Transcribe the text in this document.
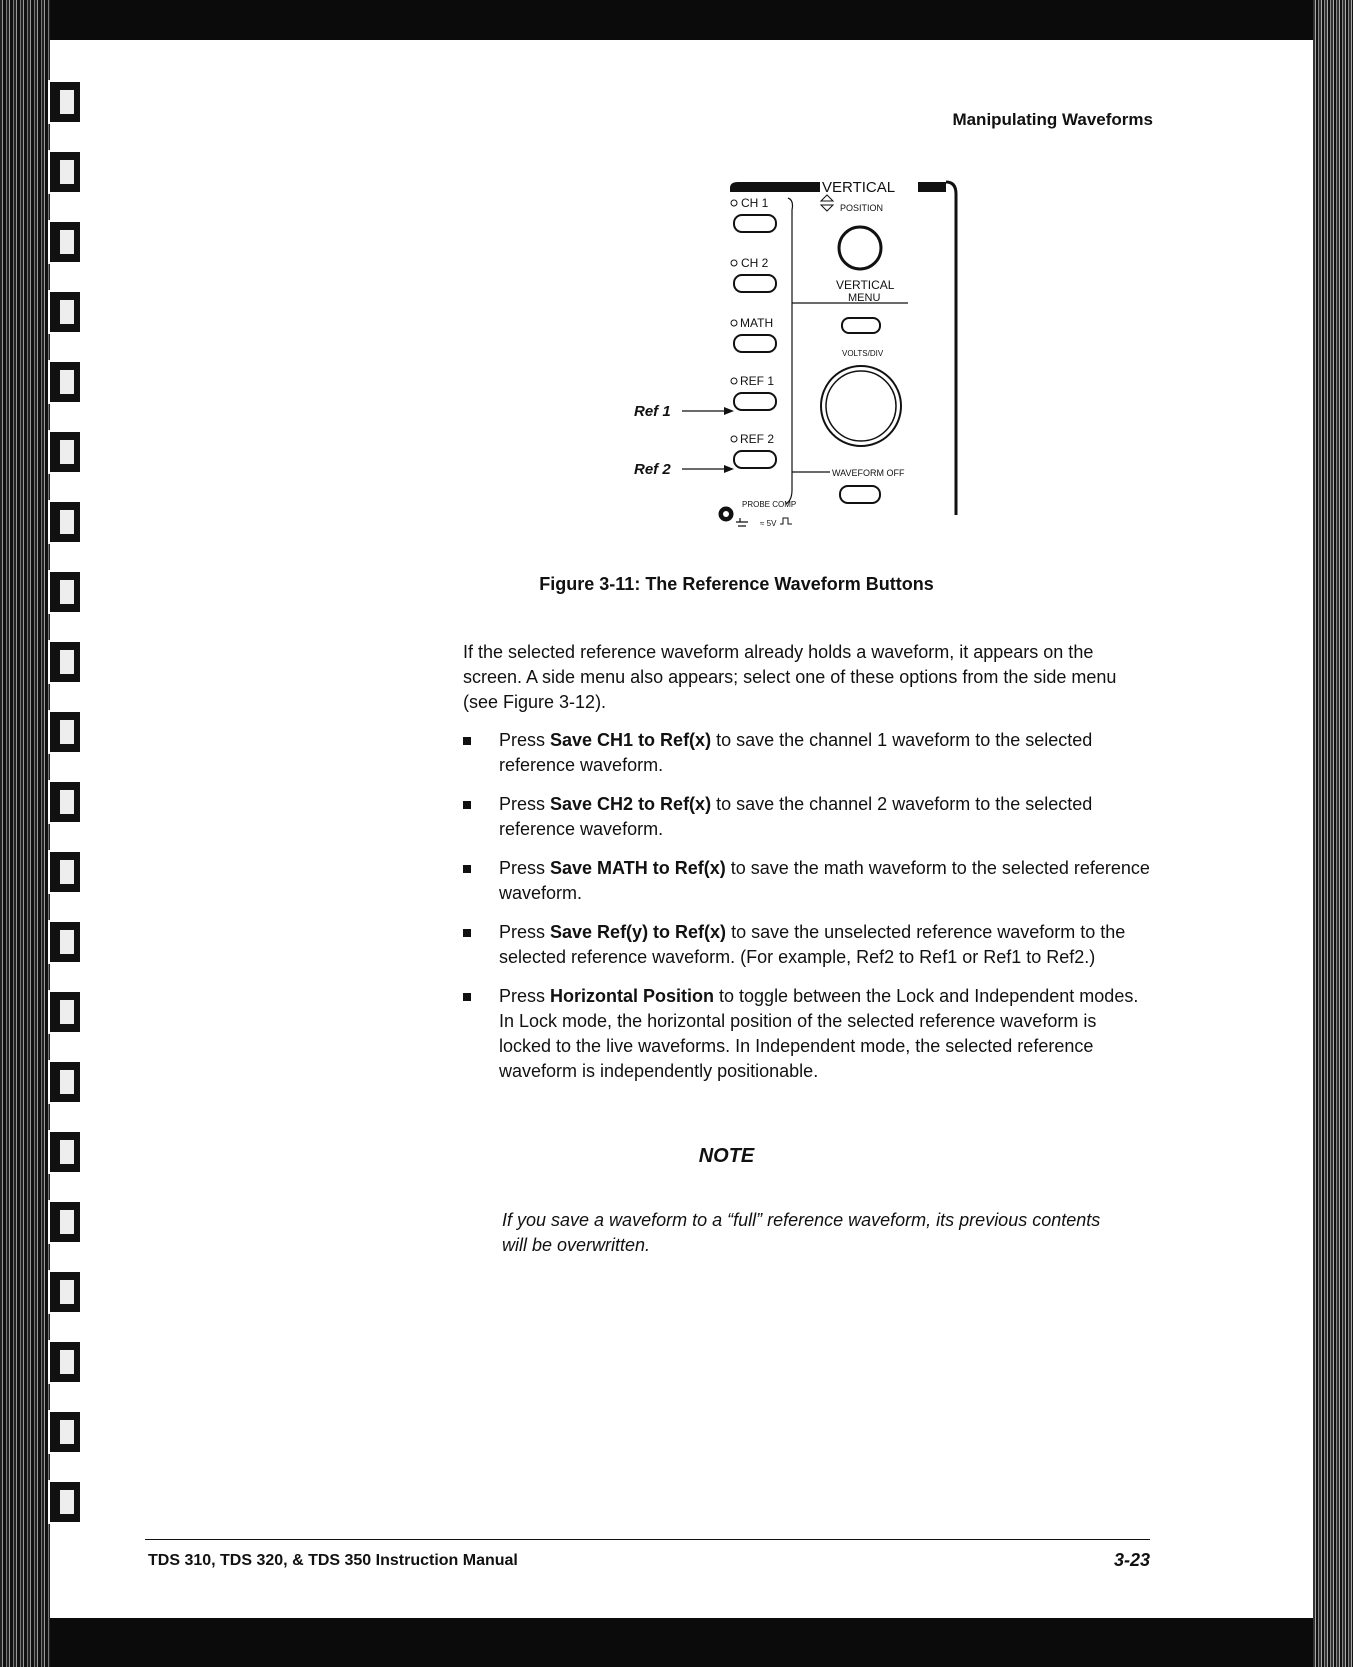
Manipulating Waveforms
VERTICAL
CH 1
CH 2
MATH
REF 1
REF 2
Ref 1
Ref 2
POSITION
VERTICAL
MENU
VOLTS/DIV
WAVEFORM OFF
PROBE COMP
≈ 5V
Figure 3-11: The Reference Waveform Buttons
If the selected reference waveform already holds a waveform, it appears on the screen. A side menu also appears; select one of these options from the side menu (see Figure 3-12).
Press Save CH1 to Ref(x) to save the channel 1 waveform to the selected reference waveform.
Press Save CH2 to Ref(x) to save the channel 2 waveform to the selected reference waveform.
Press Save MATH to Ref(x) to save the math waveform to the selected reference waveform.
Press Save Ref(y) to Ref(x) to save the unselected reference waveform to the selected reference waveform. (For example, Ref2 to Ref1 or Ref1 to Ref2.)
Press Horizontal Position to toggle between the Lock and Independent modes. In Lock mode, the horizontal position of the selected reference waveform is locked to the live waveforms. In Independent mode, the selected reference waveform is independently positionable.
NOTE
If you save a waveform to a “full” reference waveform, its previous contents will be overwritten.
TDS 310, TDS 320, & TDS 350 Instruction Manual	3-23
